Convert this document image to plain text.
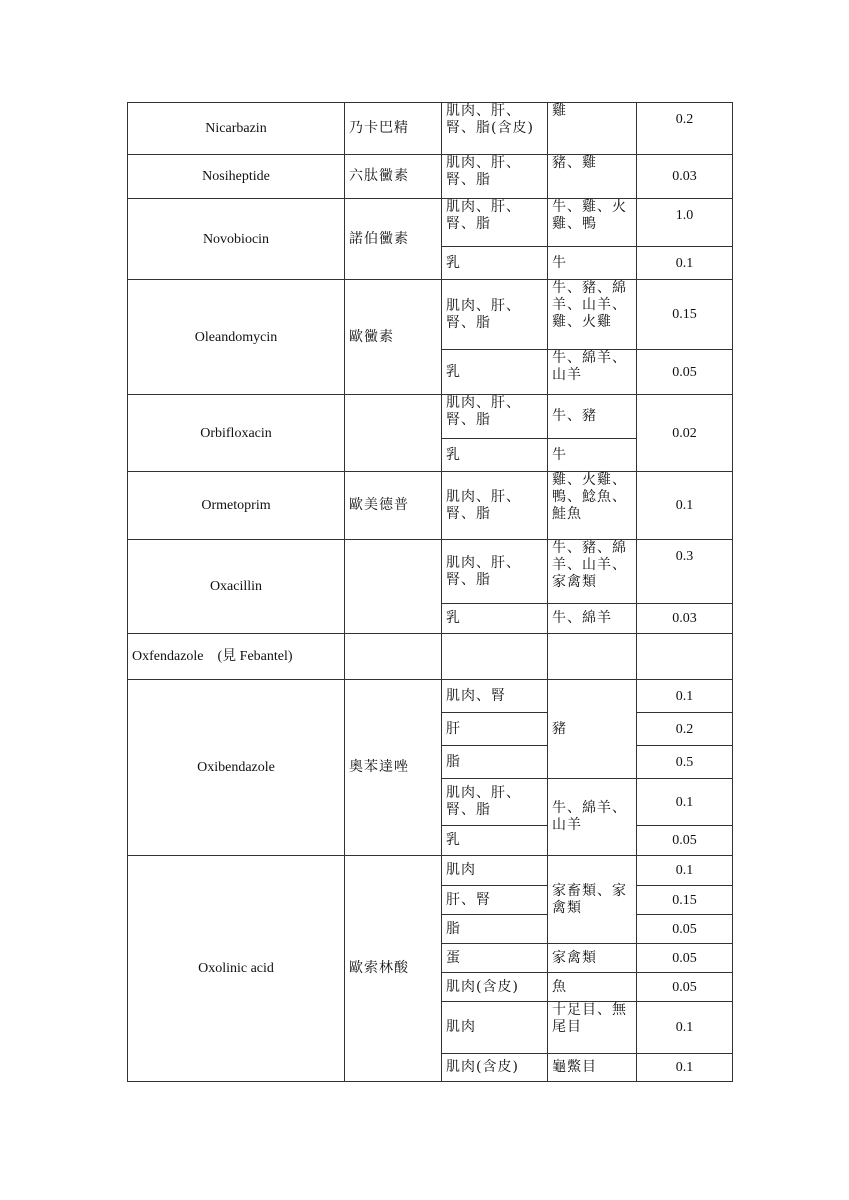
Nicarbazin	乃卡巴精	肌肉、肝、腎、脂(含皮)	雞	0.2
Nosiheptide	六肽黴素	肌肉、肝、腎、脂	豬、雞	0.03
Novobiocin	諾伯黴素	肌肉、肝、腎、脂	牛、雞、火雞、鴨	1.0
		乳	牛	0.1
Oleandomycin	歐黴素	肌肉、肝、腎、脂	牛、豬、綿羊、山羊、雞、火雞	0.15
		乳	牛、綿羊、山羊	0.05
Orbifloxacin		肌肉、肝、腎、脂	牛、豬	0.02
		乳	牛	
Ormetoprim	歐美德普	肌肉、肝、腎、脂	雞、火雞、鴨、鯰魚、鮭魚	0.1
Oxacillin		肌肉、肝、腎、脂	牛、豬、綿羊、山羊、家禽類	0.3
		乳	牛、綿羊	0.03
Oxfendazole　(見 Febantel)				
Oxibendazole	奧苯達唑	肌肉、腎	豬	0.1
		肝		0.2
		脂		0.5
		肌肉、肝、腎、脂	牛、綿羊、山羊	0.1
		乳		0.05
Oxolinic acid	歐索林酸	肌肉	家畜類、家禽類	0.1
		肝、腎		0.15
		脂		0.05
		蛋	家禽類	0.05
		肌肉(含皮)	魚	0.05
		肌肉	十足目、無尾目	0.1
		肌肉(含皮)	龜鱉目	0.1
